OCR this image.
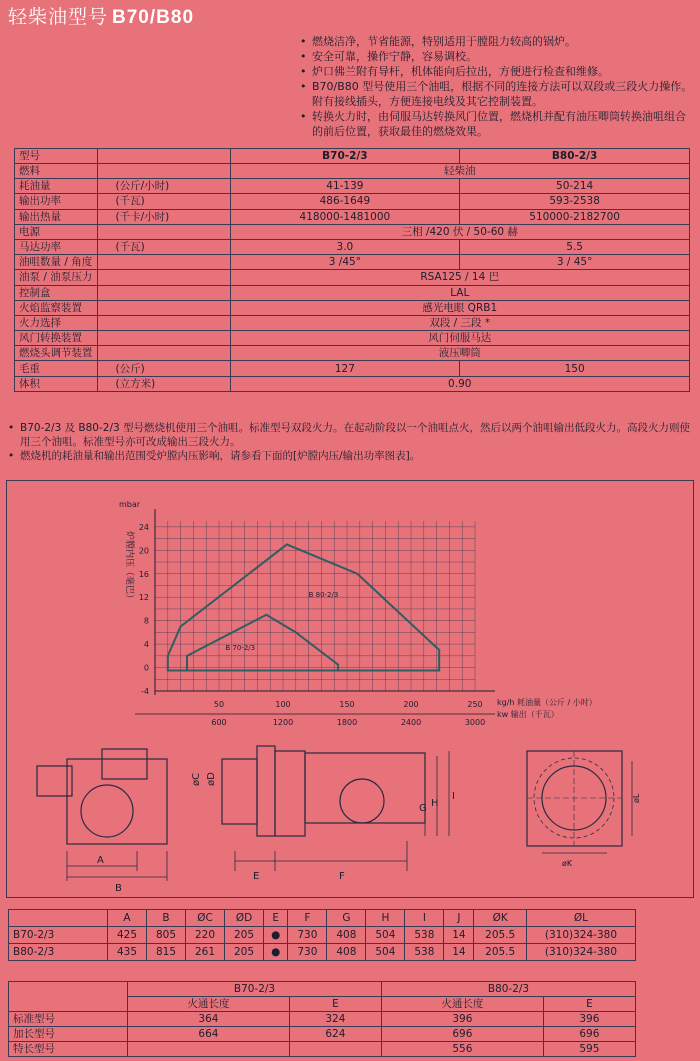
轻柴油型号 B70/B80
• 燃烧洁净，节省能源，特别适用于膛阻力较高的锅炉。
• 安全可靠，操作宁静，容易调校。
• 炉口佛兰附有导杆，机体能向后拉出，方便进行检查和维修。
• B70/B80 型号使用三个油咀，根据不同的连接方法可以双段或三段火力操作。附有接线插头，方便连接电线及其它控制装置。
• 转换火力时，由伺服马达转换风门位置，燃烧机并配有油压唧筒转换油咀组合的前后位置，获取最佳的燃烧效果。
型号		B70-2/3	B80-2/3
燃料		轻柴油	
耗油量	(公斤/小时)	41-139	50-214
输出功率	(千瓦)	486-1649	593-2538
输出热量	(千卡/小时)	418000-1481000	510000-2182700
电源		三相 /420 伏 / 50-60 赫	
马达功率	(千瓦)	3.0	5.5
油咀数量 / 角度		3 /45°	3 / 45°
油泵 / 油泵压力		RSA125 / 14 巴	
控制盒		LAL	
火焰监察装置		感光电眼 QRB1	
火力选择		双段 / 三段 *	
风门转换装置		风门伺服马达	
燃烧头调节装置		液压唧筒	
毛重	(公斤)	127	150
体积	(立方米)	0.90	
• B70-2/3 及 B80-2/3 型号燃烧机使用三个油咀。标准型号双段火力。在起动阶段以一个油咀点火，然后以两个油咀输出低段火力。高段火力则使用三个油咀。标准型号亦可改成输出三段火力。
• 燃烧机的耗油量和输出范围受炉膛内压影响，请参看下面的[炉膛内压/输出功率图表]。
-4
0
4
8
12
16
20
24
50	100	150	200	250
600	1200	1800	2400	3000
mbar
炉膛内压（毫巴）
kg/h 耗油量（公斤 / 小时）
kw 输出（千瓦）
B 80-2/3
B 70-2/3
A
B
øC øD
E	F
G H
I
øK
øL
	A	B	ØC	ØD	E	F	G	H	I	J	ØK	ØL
B70-2/3	425	805	220	205	●	730	408	504	538	14	205.5	(310)324-380
B80-2/3	435	815	261	205	●	730	408	504	538	14	205.5	(310)324-380
	B70-2/3		B80-2/3	
	火通长度	E	火通长度	E
标准型号	364	324	396	396
加长型号	664	624	696	696
特长型号			556	595
